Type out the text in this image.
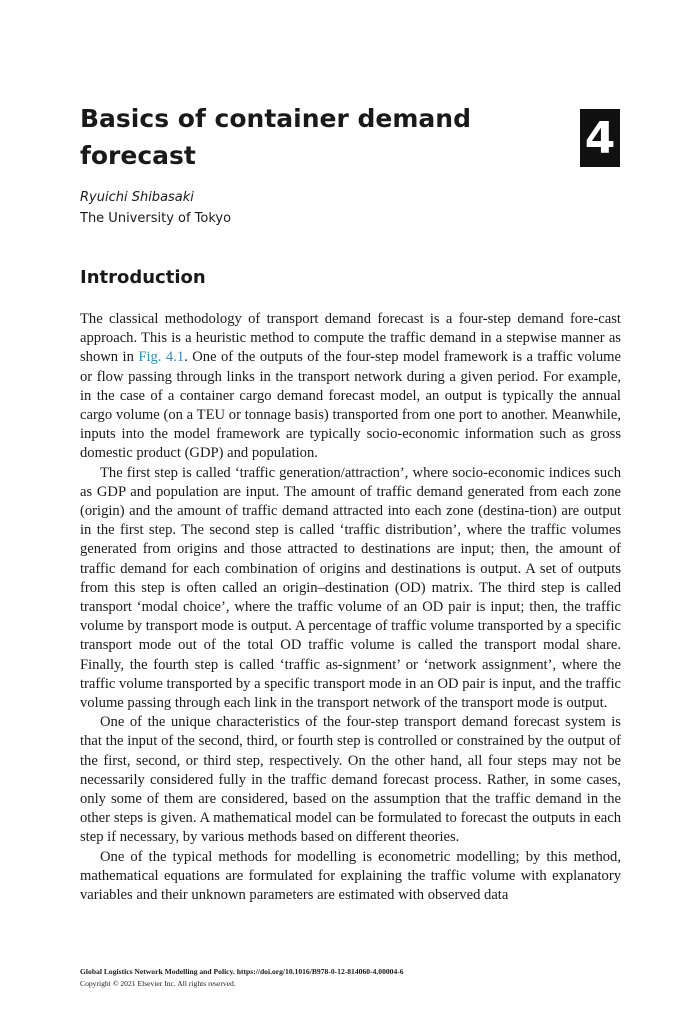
Basics of container demand forecast	4
Ryuichi Shibasaki
The University of Tokyo
Introduction

The classical methodology of transport demand forecast is a four-step demand fore-cast approach. This is a heuristic method to compute the traffic demand in a stepwise manner as shown in Fig. 4.1. One of the outputs of the four-step model framework is a traffic volume or flow passing through links in the transport network during a given period. For example, in the case of a container cargo demand forecast model, an output is typically the annual cargo volume (on a TEU or tonnage basis) transported from one port to another. Meanwhile, inputs into the model framework are typically socio-economic information such as gross domestic product (GDP) and population.

The first step is called ‘traffic generation/attraction’, where socio-economic indices such as GDP and population are input. The amount of traffic demand generated from each zone (origin) and the amount of traffic demand attracted into each zone (destina-tion) are output in the first step. The second step is called ‘traffic distribution’, where the traffic volumes generated from origins and those attracted to destinations are input; then, the amount of traffic demand for each combination of origins and destinations is output. A set of outputs from this step is often called an origin–destination (OD) matrix. The third step is called transport ‘modal choice’, where the traffic volume of an OD pair is input; then, the traffic volume by transport mode is output. A percentage of traffic volume transported by a specific transport mode out of the total OD traffic volume is called the transport modal share. Finally, the fourth step is called ‘traffic as-signment’ or ‘network assignment’, where the traffic volume transported by a specific transport mode in an OD pair is input, and the traffic volume passing through each link in the transport network of the transport mode is output.

One of the unique characteristics of the four-step transport demand forecast system is that the input of the second, third, or fourth step is controlled or constrained by the output of the first, second, or third step, respectively. On the other hand, all four steps may not be necessarily considered fully in the traffic demand forecast process. Rather, in some cases, only some of them are considered, based on the assumption that the traffic demand in the other steps is given. A mathematical model can be formulated to forecast the outputs in each step if necessary, by various methods based on different theories.

One of the typical methods for modelling is econometric modelling; by this method, mathematical equations are formulated for explaining the traffic volume with explanatory variables and their unknown parameters are estimated with observed data

Global Logistics Network Modelling and Policy. https://doi.org/10.1016/B978-0-12-814060-4.00004-6
Copyright © 2021 Elsevier Inc. All rights reserved.
